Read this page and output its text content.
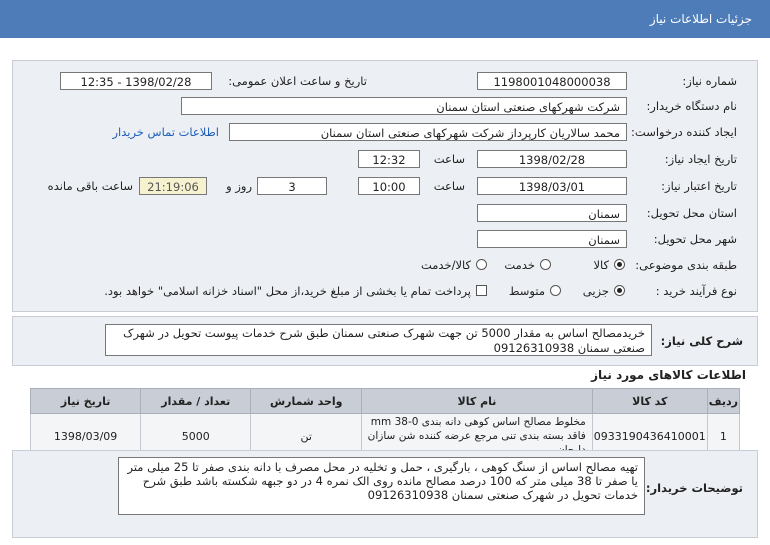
جزئیات اطلاعات نیاز
شماره نیاز:
1198001048000038
تاریخ و ساعت اعلان عمومی:
1398/02/28 - 12:35
نام دستگاه خریدار:
شرکت شهرکهای صنعتی استان سمنان
ایجاد کننده درخواست:
محمد سالاریان کارپرداز شرکت شهرکهای صنعتی استان سمنان
اطلاعات تماس خریدار
تاریخ ایجاد نیاز:
1398/02/28
ساعت
12:32
تاریخ اعتبار نیاز:
1398/03/01
ساعت
10:00
3
روز و
21:19:06
ساعت باقی مانده
استان محل تحویل:
سمنان
شهر محل تحویل:
سمنان
طبقه بندی موضوعی:
کالا
خدمت
کالا/خدمت
نوع فرآیند خرید :
جزیی
متوسط
پرداخت تمام یا بخشی از مبلغ خرید،از محل "اسناد خزانه اسلامی" خواهد بود.
شرح کلی نیاز:
خریدمصالح اساس به مقدار 5000 تن جهت شهرک صنعتی سمنان طبق شرح خدمات پیوست تحویل در شهرک صنعتی سمنان 09126310938
اطلاعات کالاهای مورد نیاز
ردیف	کد کالا	نام کالا	واحد شمارش	تعداد / مقدار	تاریخ نیاز
1	0933190436410001	مخلوط مصالح اساس کوهی دانه بندی 0-38 mm فاقد بسته بندی تنی مرجع عرضه کننده شن سازان	تن	5000	1398/03/09
توضیحات خریدار:
تهیه مصالح اساس از سنگ کوهی ، بارگیری ، حمل و تخلیه در محل مصرف با دانه بندی صفر تا 25 میلی متر یا صفر تا 38 میلی متر که 100 درصد مصالح مانده روی الک نمره 4 در دو جبهه شکسته باشد طبق شرح خدمات تحویل در شهرک صنعتی سمنان 09126310938
